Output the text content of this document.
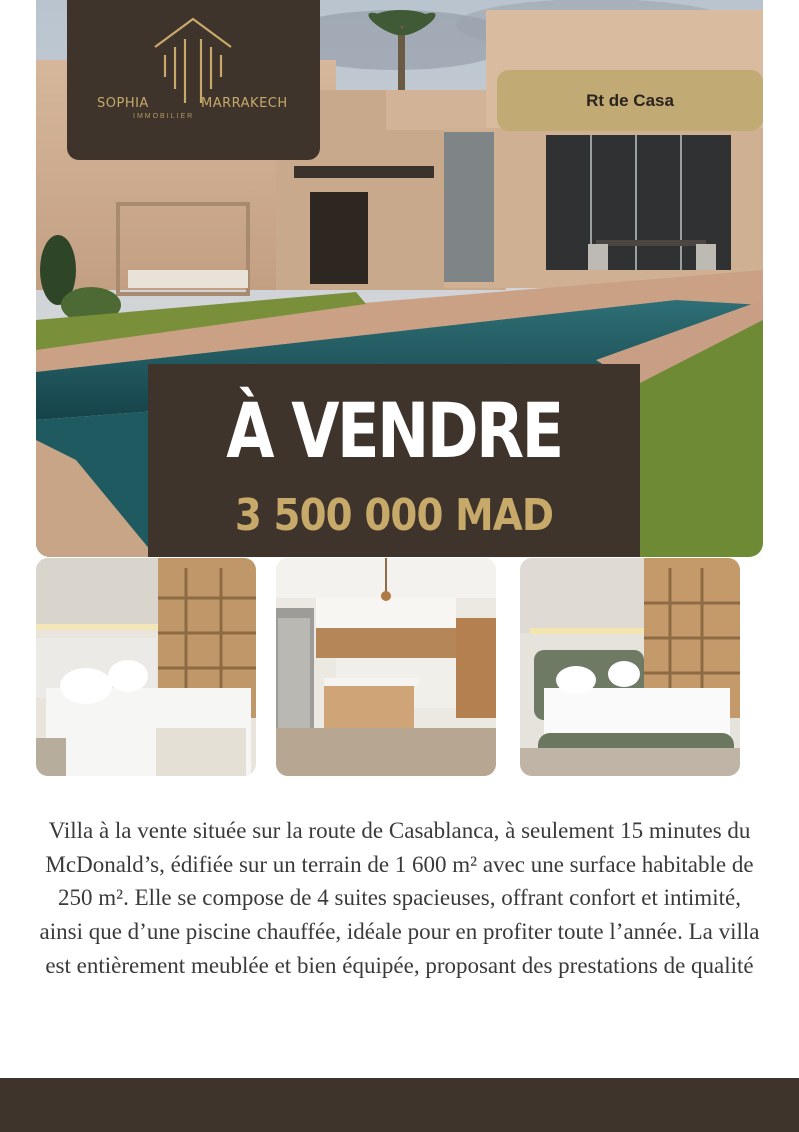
SOPHIA	MARRAKECH
IMMOBILIER
Rt de Casa
À VENDRE
3 500 000 MAD
Villa à la vente située sur la route de Casablanca, à seulement 15 minutes du McDonald’s, édifiée sur un terrain de 1 600 m² avec une surface habitable de 250 m². Elle se compose de 4 suites spacieuses, offrant confort et intimité, ainsi que d’une piscine chauffée, idéale pour en profiter toute l’année. La villa est entièrement meublée et bien équipée, proposant des prestations de qualité
